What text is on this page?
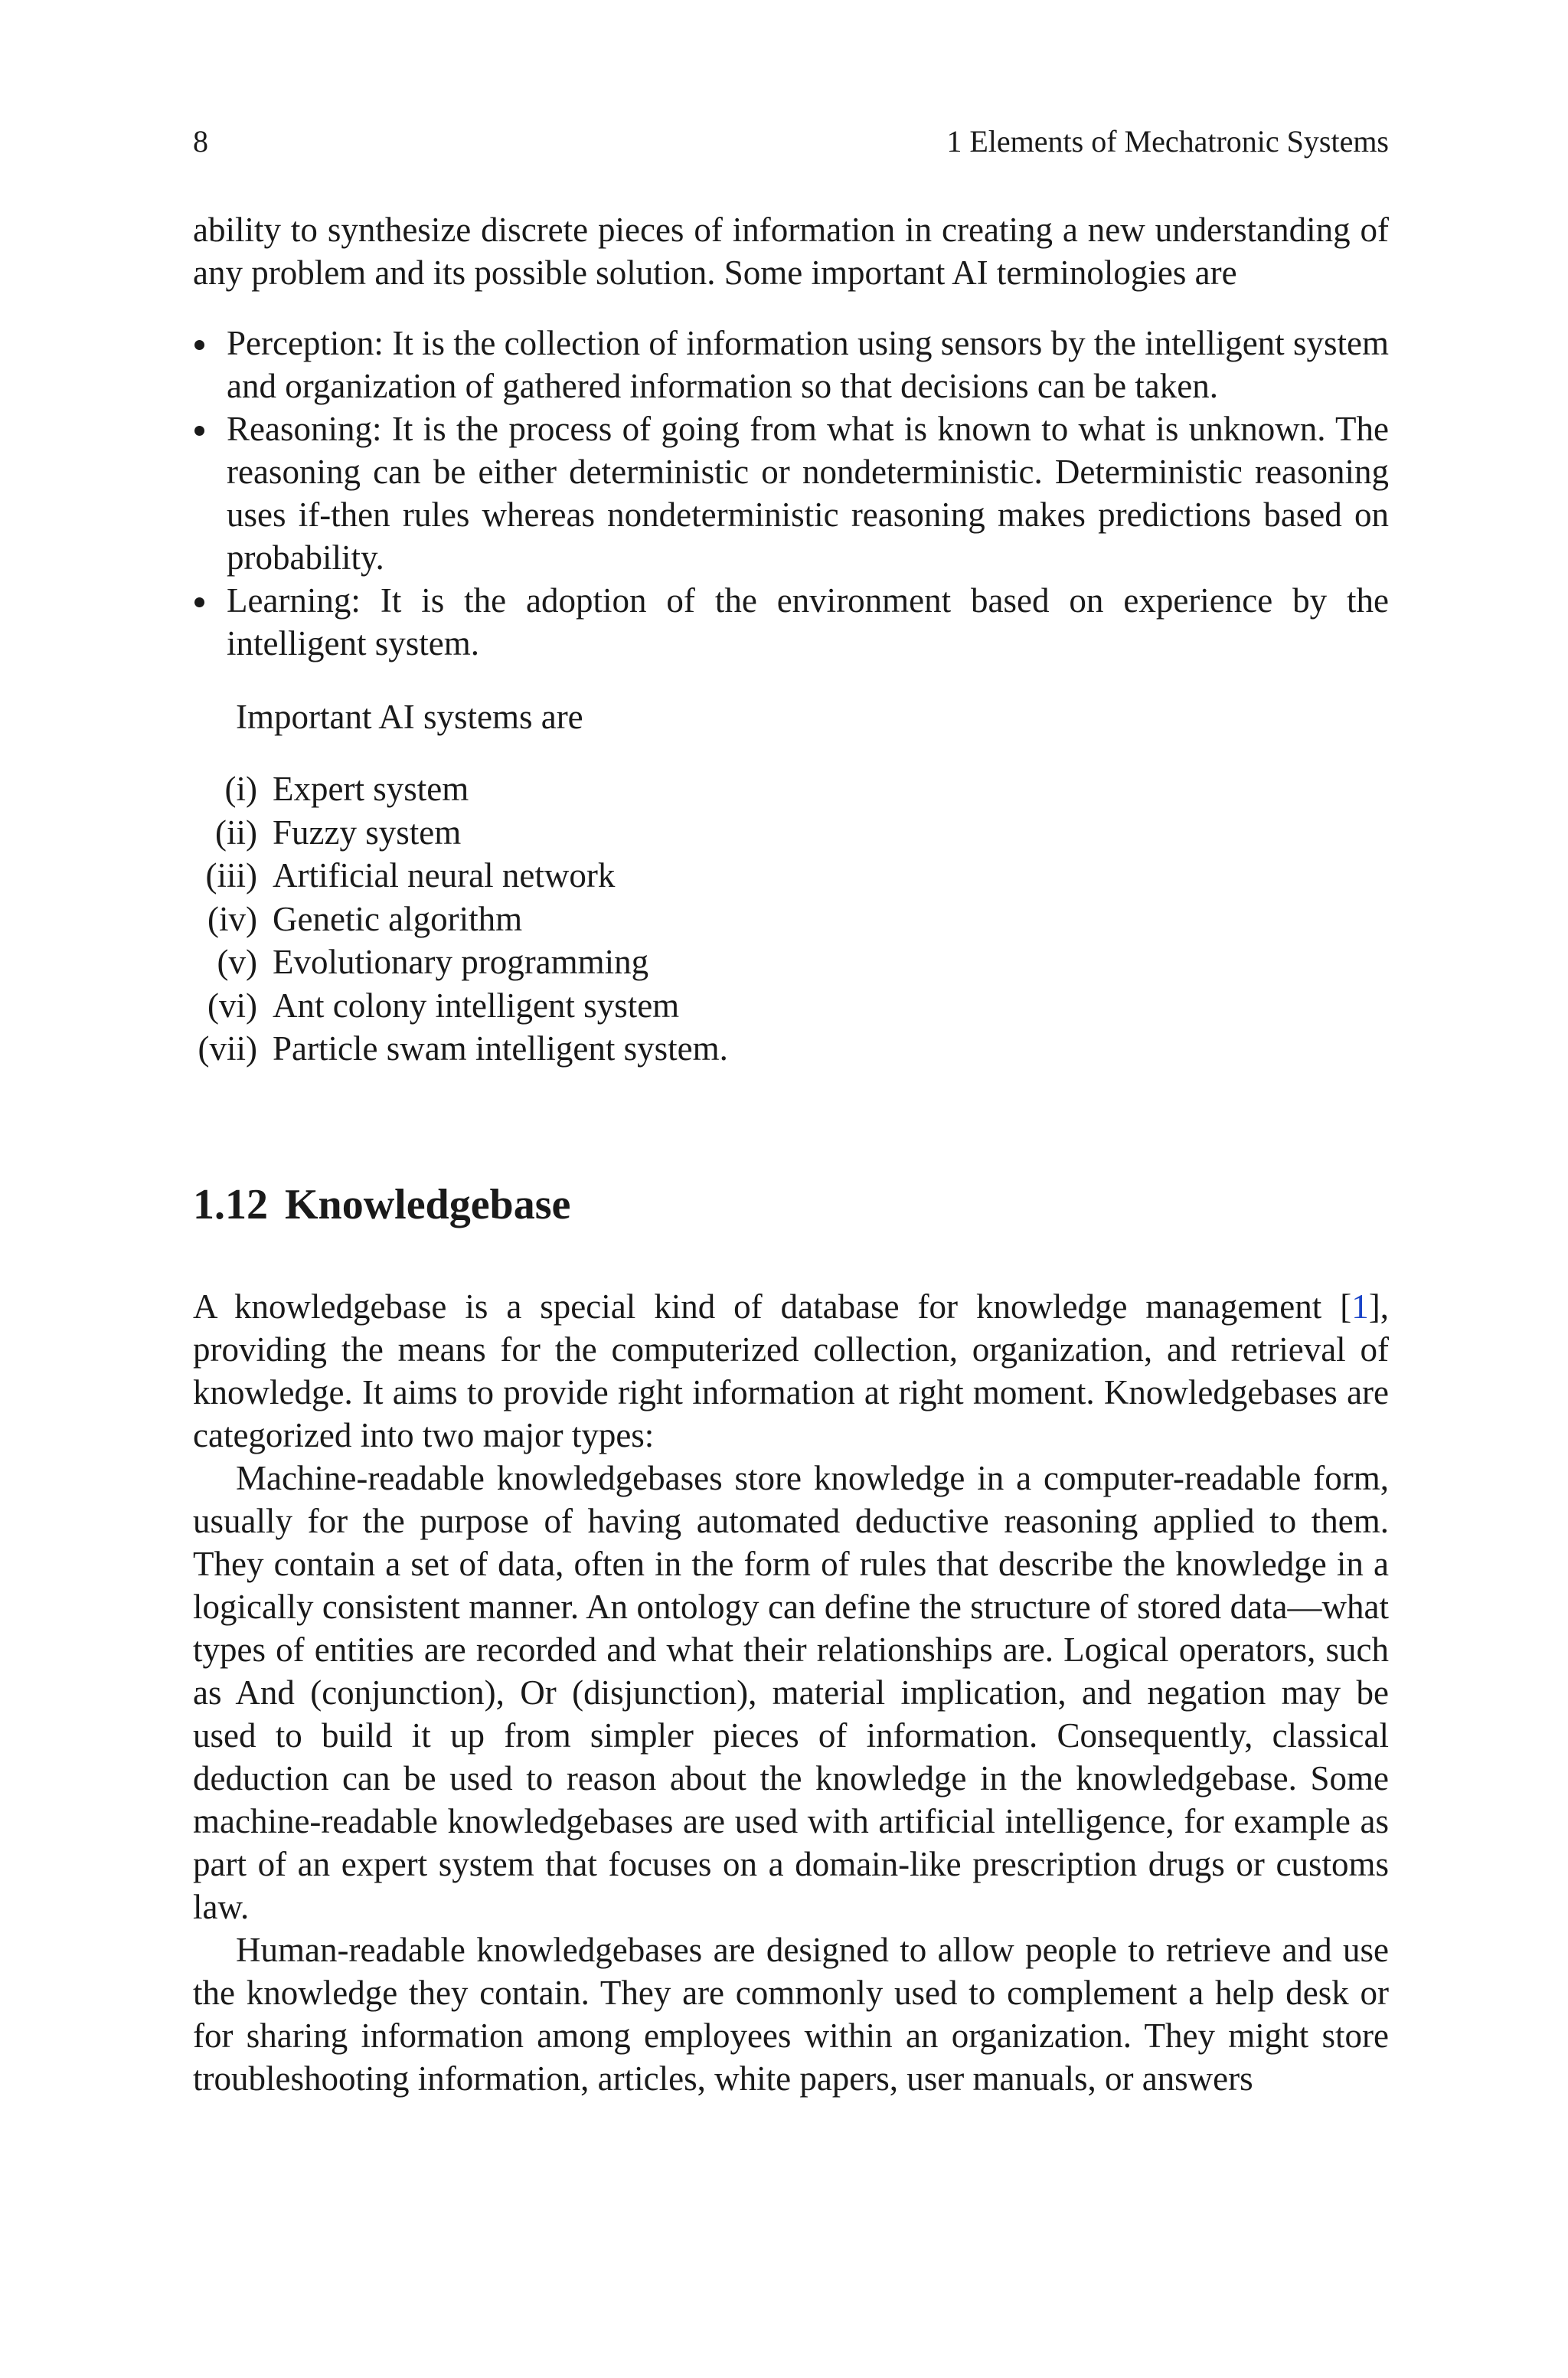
8	1 Elements of Mechatronic Systems

ability to synthesize discrete pieces of information in creating a new understanding of any problem and its possible solution. Some important AI terminologies are

Perception: It is the collection of information using sensors by the intelligent system and organization of gathered information so that decisions can be taken.
Reasoning: It is the process of going from what is known to what is unknown. The reasoning can be either deterministic or nondeterministic. Deterministic reasoning uses if-then rules whereas nondeterministic reasoning makes predictions based on probability.
Learning: It is the adoption of the environment based on experience by the intelligent system.
Important AI systems are
(i) Expert system
(ii) Fuzzy system
(iii) Artificial neural network
(iv) Genetic algorithm
(v) Evolutionary programming
(vi) Ant colony intelligent system
(vii) Particle swam intelligent system.
1.12 Knowledgebase

A knowledgebase is a special kind of database for knowledge management [1], providing the means for the computerized collection, organization, and retrieval of knowledge. It aims to provide right information at right moment. Knowledgebases are categorized into two major types:

Machine-readable knowledgebases store knowledge in a computer-readable form, usually for the purpose of having automated deductive reasoning applied to them. They contain a set of data, often in the form of rules that describe the knowledge in a logically consistent manner. An ontology can define the structure of stored data—what types of entities are recorded and what their relationships are. Logical operators, such as And (conjunction), Or (disjunction), material implication, and negation may be used to build it up from simpler pieces of information. Consequently, classical deduction can be used to reason about the knowledge in the knowledgebase. Some machine-readable knowledgebases are used with artificial intelligence, for example as part of an expert system that focuses on a domain-like prescription drugs or customs law.

Human-readable knowledgebases are designed to allow people to retrieve and use the knowledge they contain. They are commonly used to complement a help desk or for sharing information among employees within an organization. They might store troubleshooting information, articles, white papers, user manuals, or answers
